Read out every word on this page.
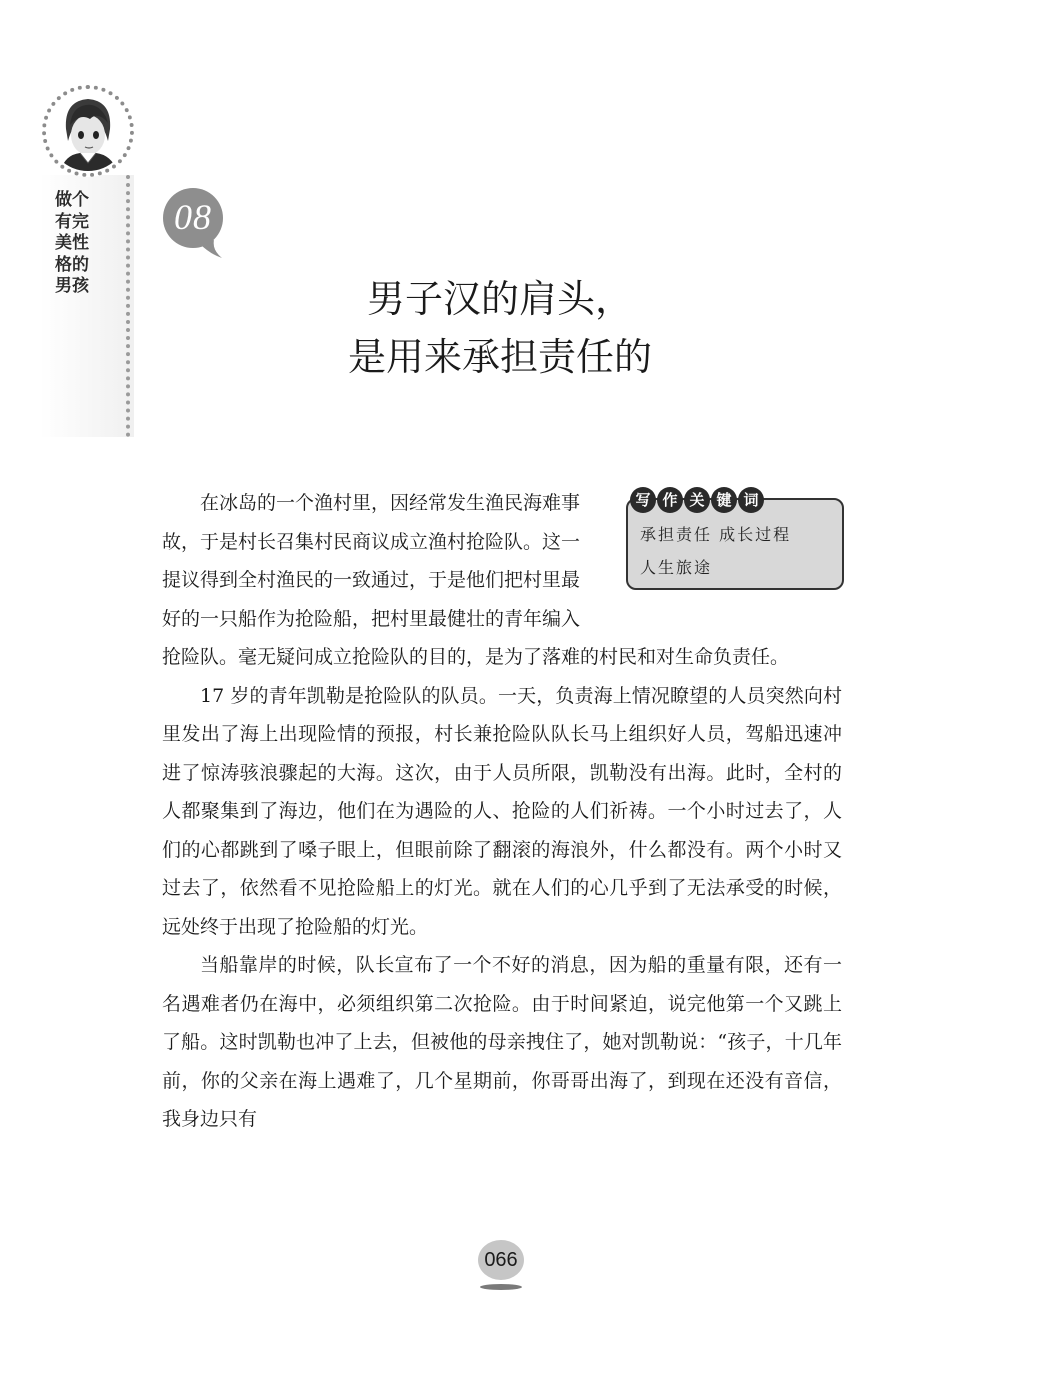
做个有完美性格的男孩
08
男子汉的肩头，
是用来承担责任的
写 作 关 键 词
承担责任 成长过程
人生旅途

在冰岛的一个渔村里，因经常发生渔民海难事故，于是村长召集村民商议成立渔村抢险队。这一提议得到全村渔民的一致通过，于是他们把村里最好的一只船作为抢险船，把村里最健壮的青年编入抢险队。毫无疑问成立抢险队的目的，是为了落难的村民和对生命负责任。

17 岁的青年凯勒是抢险队的队员。一天，负责海上情况瞭望的人员突然向村里发出了海上出现险情的预报，村长兼抢险队队长马上组织好人员，驾船迅速冲进了惊涛骇浪骤起的大海。这次，由于人员所限，凯勒没有出海。此时，全村的人都聚集到了海边，他们在为遇险的人、抢险的人们祈祷。一个小时过去了，人们的心都跳到了嗓子眼上，但眼前除了翻滚的海浪外，什么都没有。两个小时又过去了，依然看不见抢险船上的灯光。就在人们的心几乎到了无法承受的时候，远处终于出现了抢险船的灯光。

当船靠岸的时候，队长宣布了一个不好的消息，因为船的重量有限，还有一名遇难者仍在海中，必须组织第二次抢险。由于时间紧迫，说完他第一个又跳上了船。这时凯勒也冲了上去，但被他的母亲拽住了，她对凯勒说：“孩子，十几年前，你的父亲在海上遇难了，几个星期前，你哥哥出海了，到现在还没有音信，我身边只有

066
